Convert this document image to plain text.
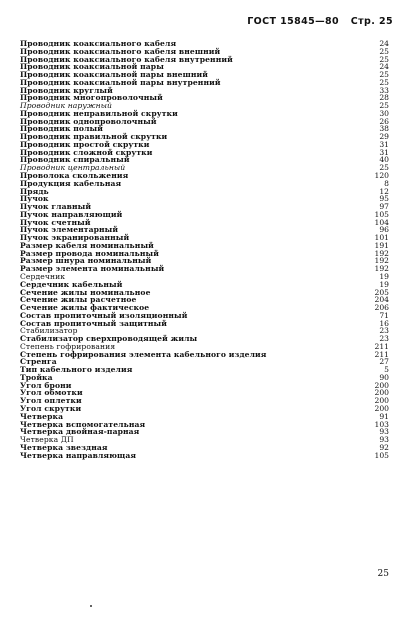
ГОСТ 15845—80 Стр. 25
Проводник коаксиального кабеля	24
Проводник коаксиального кабеля внешний	25
Проводник коаксиального кабеля внутренний	25
Проводник коаксиальной пары	24
Проводник коаксиальной пары внешний	25
Проводник коаксиальной пары внутренний	25
Проводник круглый	33
Проводник многопроволочный	28
Проводник наружный	25
Проводник неправильной скрутки	30
Проводник однопроволочный	26
Проводник полый	38
Проводник правильной скрутки	29
Проводник простой скрутки	31
Проводник сложной скрутки	31
Проводник спиральный	40
Проводник центральный	25
Проволока скольжения	120
Продукция кабельная	8
Прядь	12
Пучок	95
Пучок главный	97
Пучок направляющий	105
Пучок счетный	104
Пучок элементарный	96
Пучок экранированный	101
Размер кабеля номинальный	191
Размер провода номинальный	192
Размер шнура номинальный	192
Размер элемента номинальный	192
Сердечник	19
Сердечник кабельный	19
Сечение жилы номинальное	205
Сечение жилы расчетное	204
Сечение жилы фактическое	206
Состав пропиточный изоляционный	71
Состав пропиточный защитный	16
Стабилизатор	23
Стабилизатор сверхпроводящей жилы	23
Степень гофрирования	211
Степень гофрирования элемента кабельного изделия	211
Стренга	27
Тип кабельного изделия	5
Тройка	90
Угол брони	200
Угол обмотки	200
Угол оплетки	200
Угол скрутки	200
Четверка	91
Четверка вспомогательная	103
Четверка двойная-парная	93
Четверка ДП	93
Четверка звездная	92
Четверка направляющая	105
25
